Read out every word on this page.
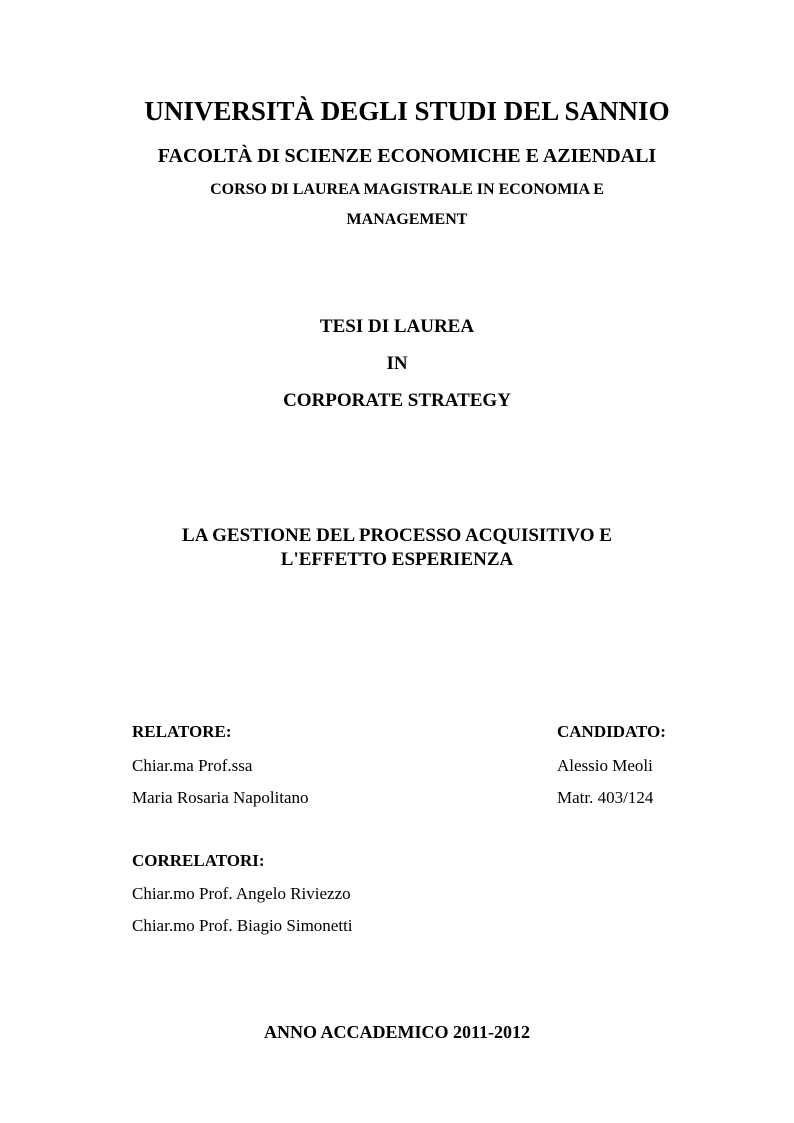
UNIVERSITÀ DEGLI STUDI DEL SANNIO

FACOLTÀ DI SCIENZE ECONOMICHE E AZIENDALI

CORSO DI LAUREA MAGISTRALE IN ECONOMIA E

MANAGEMENT

TESI DI LAUREA

IN

CORPORATE STRATEGY

LA GESTIONE DEL PROCESSO ACQUISITIVO E

L'EFFETTO ESPERIENZA

RELATORE:
Chiar.ma Prof.ssa
Maria Rosaria Napolitano
CANDIDATO:
Alessio Meoli
Matr. 403/124
CORRELATORI:
Chiar.mo Prof. Angelo Riviezzo
Chiar.mo Prof. Biagio Simonetti

ANNO ACCADEMICO 2011-2012
